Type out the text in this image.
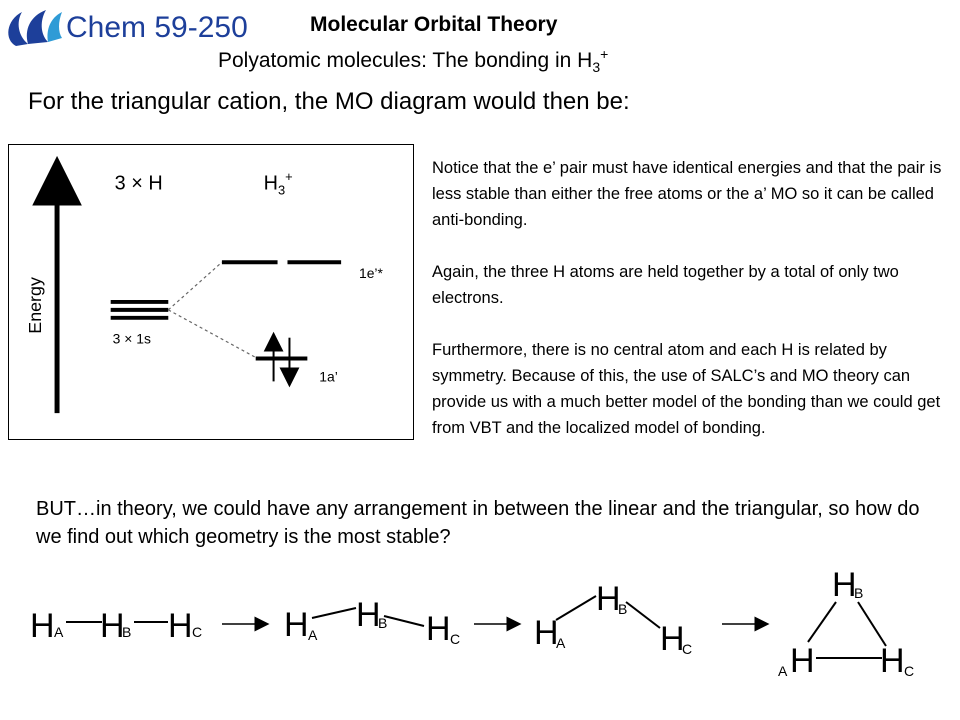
Chem 59-250	Molecular Orbital Theory
Polyatomic molecules: The bonding in $H_3^+$
For the triangular cation, the MO diagram would then be:
Energy
3 × H	$H_3^+$
3 × 1s
1e’*
1a’

Notice that the e’ pair must have identical energies and that the pair is less stable than either the free atoms or the a’ MO so it can be called anti-bonding.

Again, the three H atoms are held together by a total of only two electrons.

Furthermore, there is no central atom and each H is related by symmetry. Because of this, the use of SALC’s and MO theory can provide us with a much better model of the bonding than we could get from VBT and the localized model of bonding.

BUT…in theory, we could have any arrangement in between the linear and the triangular, so how do we find out which geometry is the most stable?
H A H
B H C H A
H
B H C H
A
H
B
H
C
H
B
A H H C
